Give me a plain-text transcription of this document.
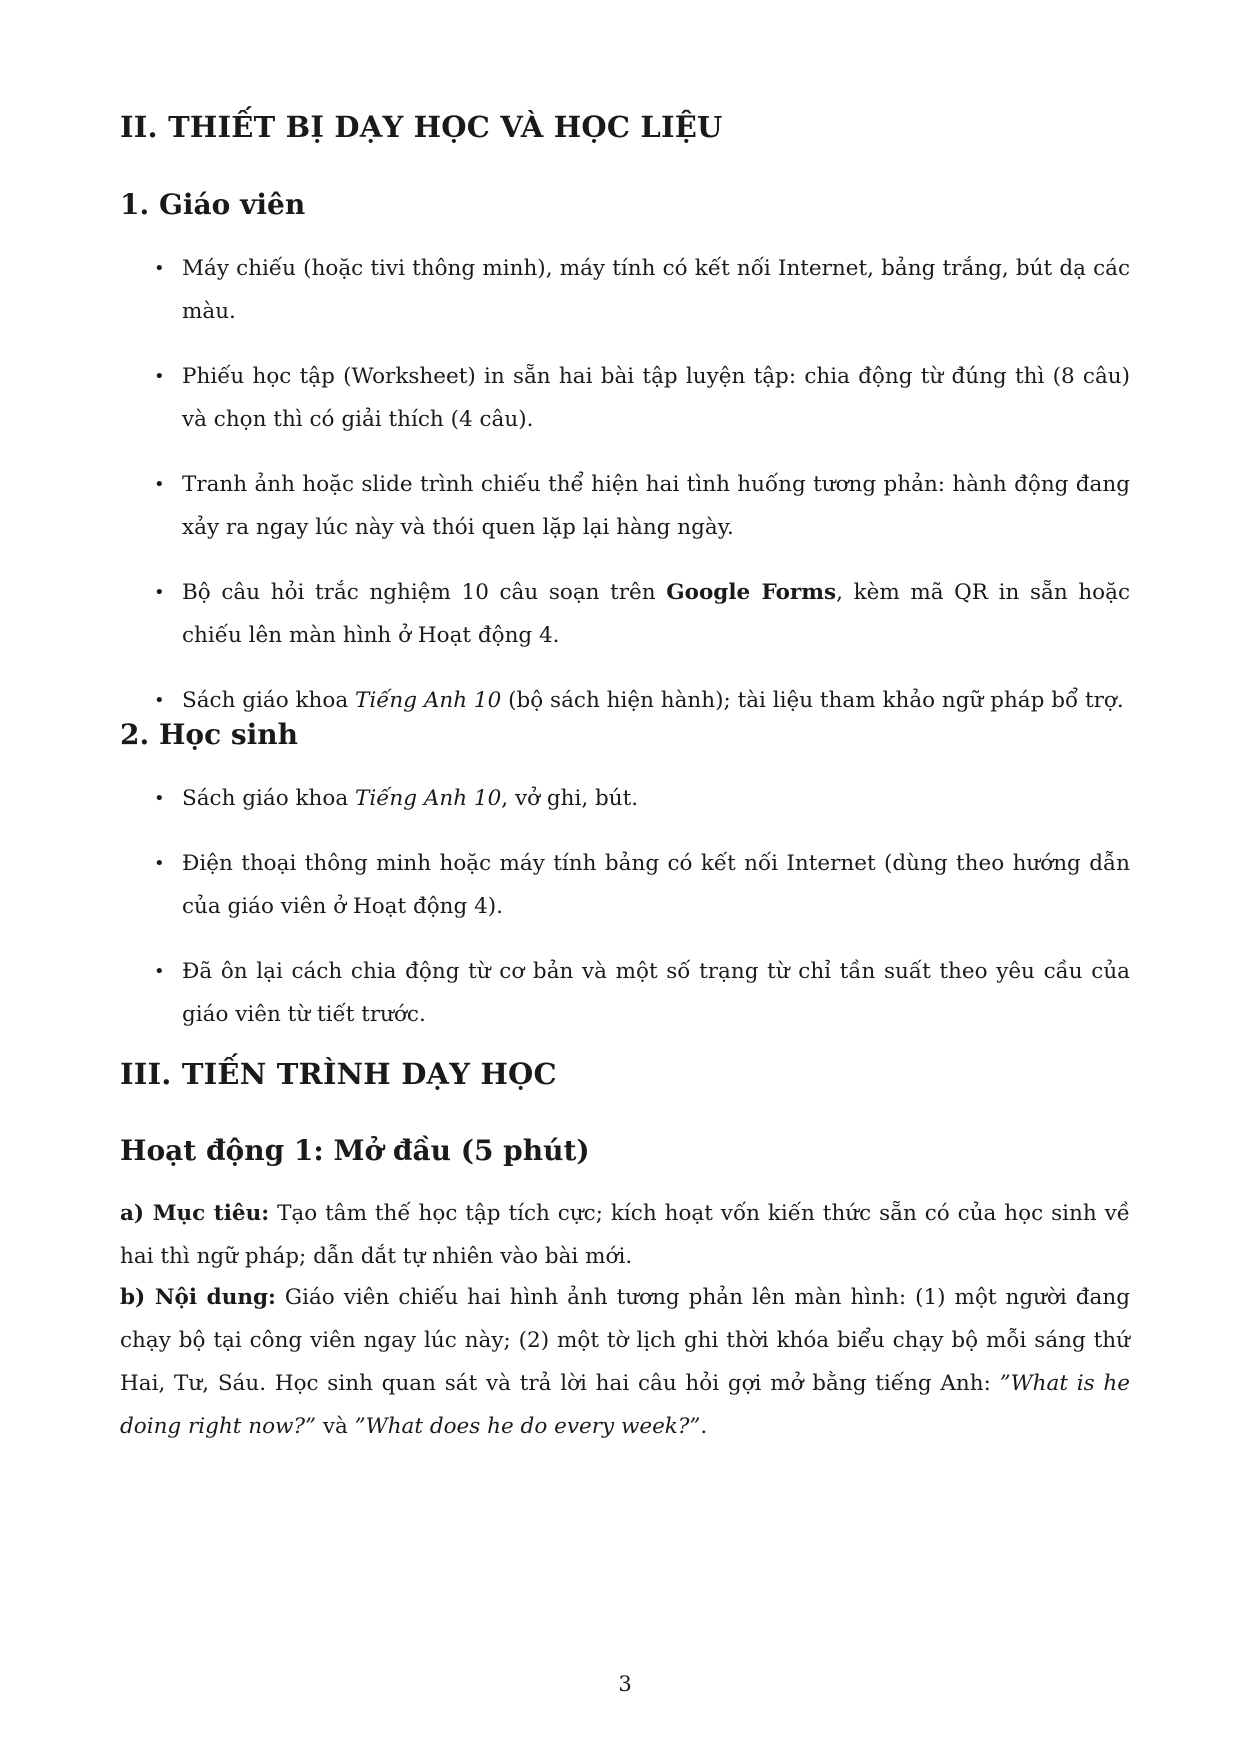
II. THIẾT BỊ DẠY HỌC VÀ HỌC LIỆU
1. Giáo viên
• Máy chiếu (hoặc tivi thông minh), máy tính có kết nối Internet, bảng trắng, bút dạ các màu.
• Phiếu học tập (Worksheet) in sẵn hai bài tập luyện tập: chia động từ đúng thì (8 câu) và chọn thì có giải thích (4 câu).
• Tranh ảnh hoặc slide trình chiếu thể hiện hai tình huống tương phản: hành động đang xảy ra ngay lúc này và thói quen lặp lại hàng ngày.
• Bộ câu hỏi trắc nghiệm 10 câu soạn trên Google Forms, kèm mã QR in sẵn hoặc chiếu lên màn hình ở Hoạt động 4.
• Sách giáo khoa Tiếng Anh 10 (bộ sách hiện hành); tài liệu tham khảo ngữ pháp bổ trợ.
2. Học sinh
• Sách giáo khoa Tiếng Anh 10, vở ghi, bút.
• Điện thoại thông minh hoặc máy tính bảng có kết nối Internet (dùng theo hướng dẫn của giáo viên ở Hoạt động 4).
• Đã ôn lại cách chia động từ cơ bản và một số trạng từ chỉ tần suất theo yêu cầu của giáo viên từ tiết trước.
III. TIẾN TRÌNH DẠY HỌC
Hoạt động 1: Mở đầu (5 phút)

a) Mục tiêu: Tạo tâm thế học tập tích cực; kích hoạt vốn kiến thức sẵn có của học sinh về hai thì ngữ pháp; dẫn dắt tự nhiên vào bài mới.

b) Nội dung: Giáo viên chiếu hai hình ảnh tương phản lên màn hình: (1) một người đang chạy bộ tại công viên ngay lúc này; (2) một tờ lịch ghi thời khóa biểu chạy bộ mỗi sáng thứ Hai, Tư, Sáu. Học sinh quan sát và trả lời hai câu hỏi gợi mở bằng tiếng Anh: ”What is he doing right now?” và ”What does he do every week?”.

3
